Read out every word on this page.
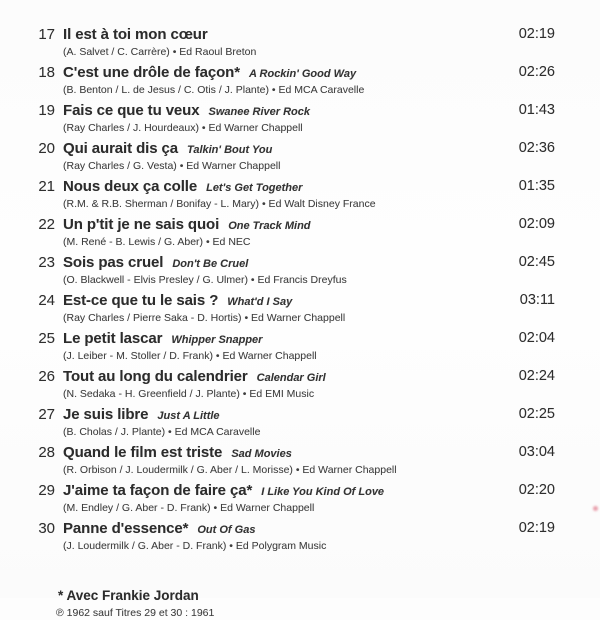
17 Il est à toi mon cœur
(A. Salvet / C. Carrère) • Ed Raoul Breton
02:19
18 C'est une drôle de façon* A Rockin' Good Way
(B. Benton / L. de Jesus / C. Otis / J. Plante) • Ed MCA Caravelle
02:26
19 Fais ce que tu veux Swanee River Rock
(Ray Charles / J. Hourdeaux) • Ed Warner Chappell
01:43
20 Qui aurait dis ça Talkin' Bout You
(Ray Charles / G. Vesta) • Ed Warner Chappell
02:36
21 Nous deux ça colle Let's Get Together
(R.M. & R.B. Sherman / Bonifay - L. Mary) • Ed Walt Disney France
01:35
22 Un p'tit je ne sais quoi One Track Mind
(M. René - B. Lewis / G. Aber) • Ed NEC
02:09
23 Sois pas cruel Don't Be Cruel
(O. Blackwell - Elvis Presley / G. Ulmer) • Ed Francis Dreyfus
02:45
24 Est-ce que tu le sais ? What'd I Say
(Ray Charles / Pierre Saka - D. Hortis) • Ed Warner Chappell
03:11
25 Le petit lascar Whipper Snapper
(J. Leiber - M. Stoller / D. Frank) • Ed Warner Chappell
02:04
26 Tout au long du calendrier Calendar Girl
(N. Sedaka - H. Greenfield / J. Plante) • Ed EMI Music
02:24
27 Je suis libre Just A Little
(B. Cholas / J. Plante) • Ed MCA Caravelle
02:25
28 Quand le film est triste Sad Movies
(R. Orbison / J. Loudermilk / G. Aber / L. Morisse) • Ed Warner Chappell
03:04
29 J'aime ta façon de faire ça* I Like You Kind Of Love
(M. Endley / G. Aber - D. Frank) • Ed Warner Chappell
02:20
30 Panne d'essence* Out Of Gas
(J. Loudermilk / G. Aber - D. Frank) • Ed Polygram Music
02:19
* Avec Frankie Jordan
℗ 1962 sauf Titres 29 et 30 : 1961
